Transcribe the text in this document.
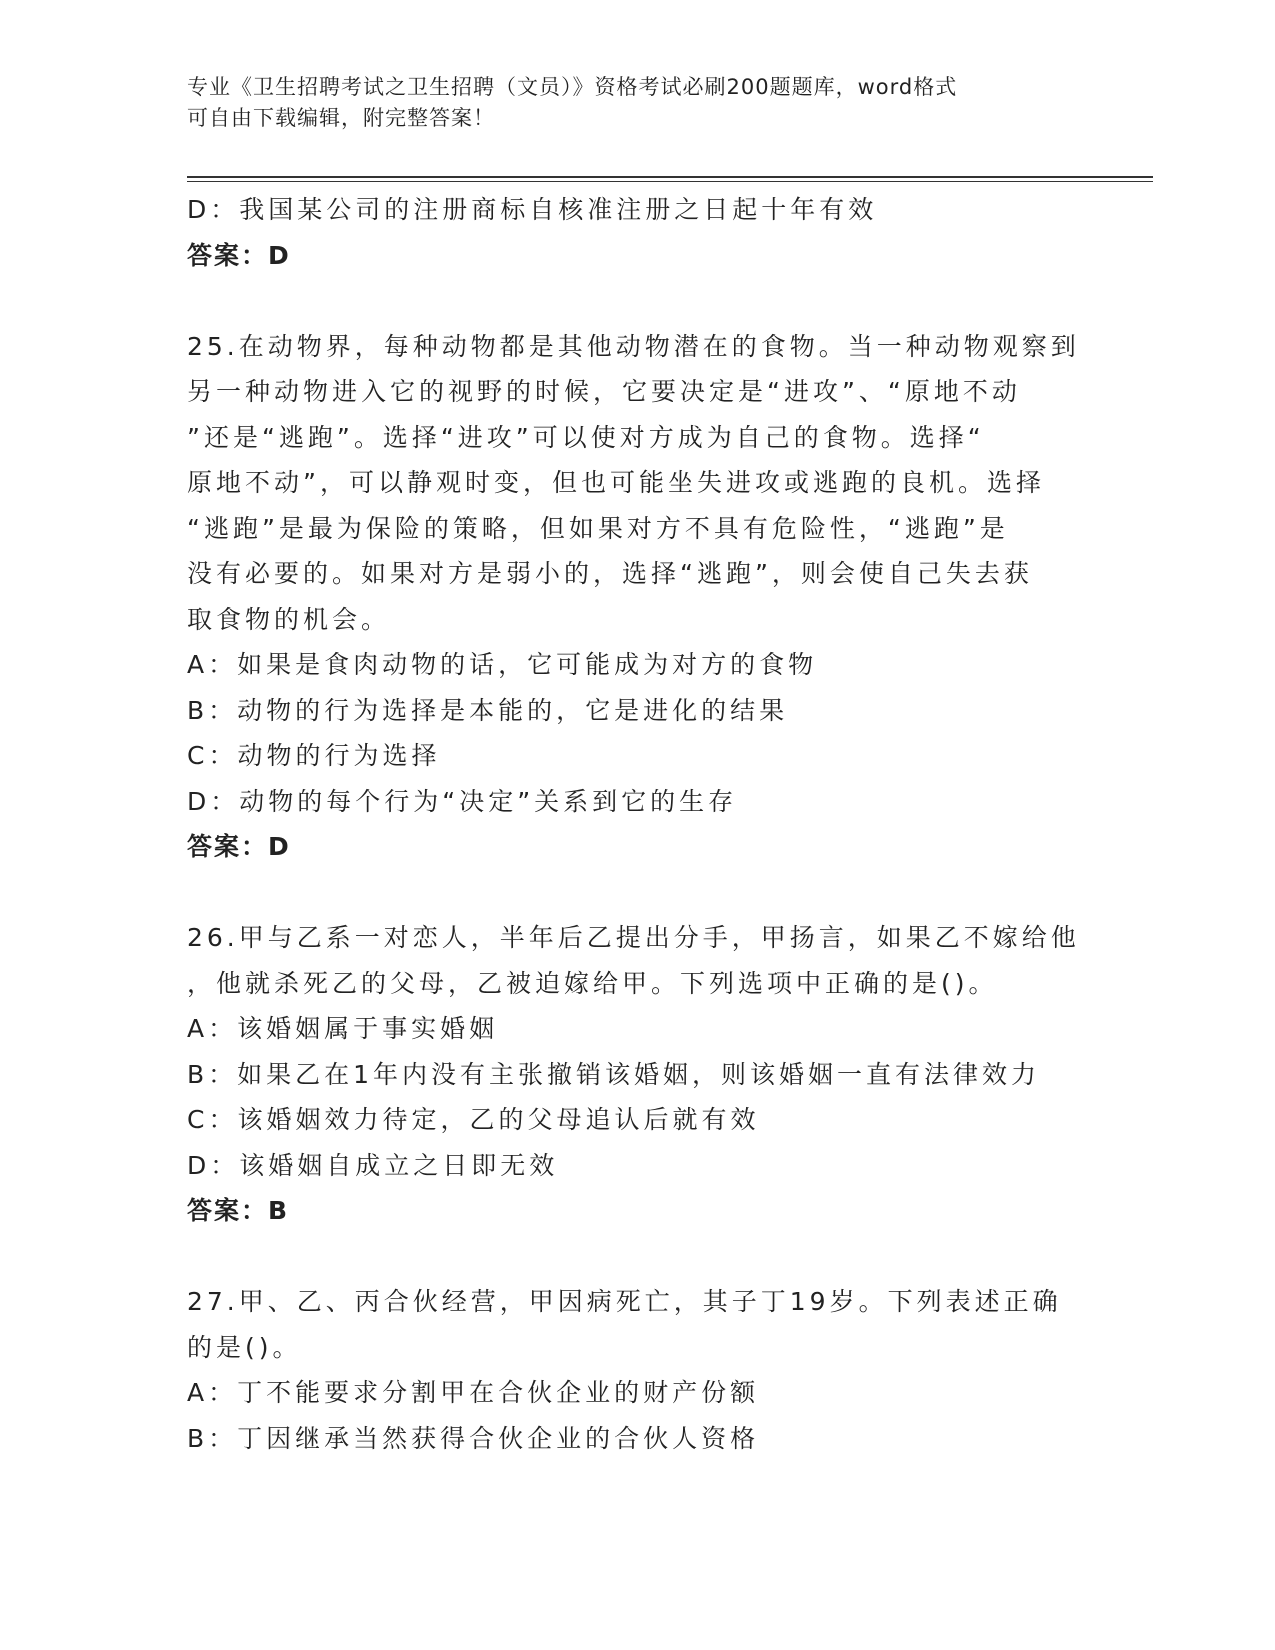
专业《卫生招聘考试之卫生招聘（文员）》资格考试必刷200题题库，word格式
可自由下载编辑，附完整答案！
D：我国某公司的注册商标自核准注册之日起十年有效
答案：D
25.在动物界，每种动物都是其他动物潜在的食物。当一种动物观察到
另一种动物进入它的视野的时候，它要决定是“进攻”、“原地不动
”还是“逃跑”。选择“进攻”可以使对方成为自己的食物。选择“
原地不动”，可以静观时变，但也可能坐失进攻或逃跑的良机。选择
“逃跑”是最为保险的策略，但如果对方不具有危险性，“逃跑”是
没有必要的。如果对方是弱小的，选择“逃跑”，则会使自己失去获
取食物的机会。
A：如果是食肉动物的话，它可能成为对方的食物
B：动物的行为选择是本能的，它是进化的结果
C：动物的行为选择
D：动物的每个行为“决定”关系到它的生存
答案：D
26.甲与乙系一对恋人，半年后乙提出分手，甲扬言，如果乙不嫁给他
，他就杀死乙的父母，乙被迫嫁给甲。下列选项中正确的是()。
A：该婚姻属于事实婚姻
B：如果乙在1年内没有主张撤销该婚姻，则该婚姻一直有法律效力
C：该婚姻效力待定，乙的父母追认后就有效
D：该婚姻自成立之日即无效
答案：B
27.甲、乙、丙合伙经营，甲因病死亡，其子丁19岁。下列表述正确
的是()。
A：丁不能要求分割甲在合伙企业的财产份额
B：丁因继承当然获得合伙企业的合伙人资格
